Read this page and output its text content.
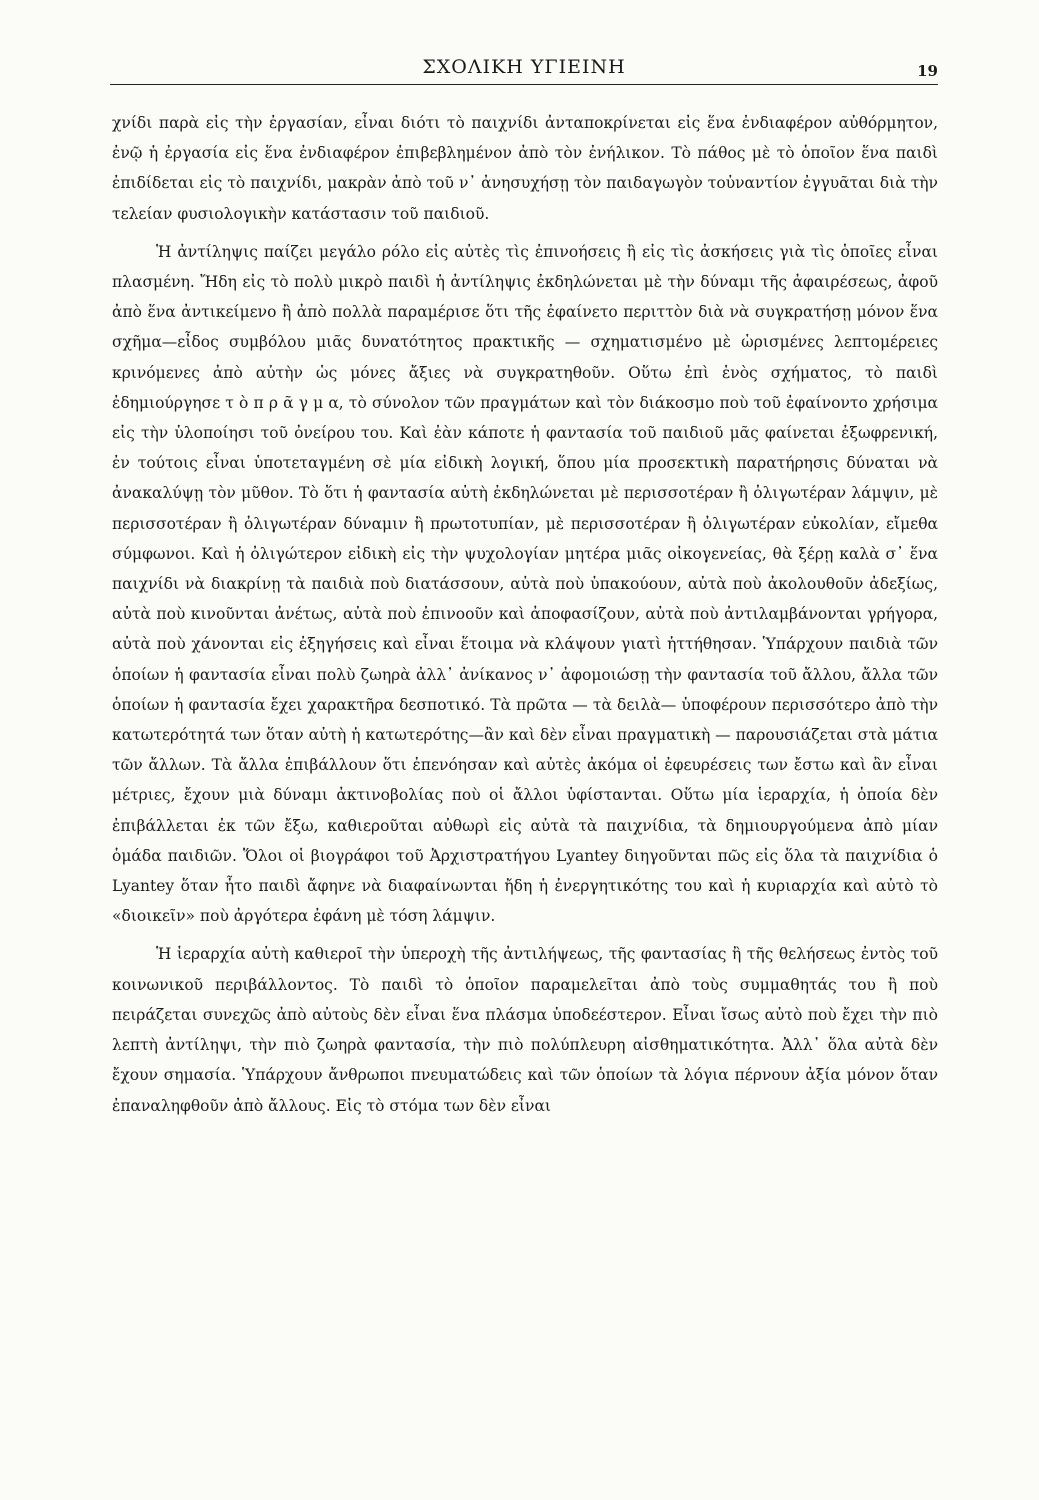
ΣΧΟΛΙΚΗ ΥΓΙΕΙΝΗ	19

χνίδι παρὰ εἰς τὴν ἐργασίαν, εἶναι διότι τὸ παιχνίδι ἀνταποκρίνεται εἰς ἕνα ἐνδιαφέρον αὐθόρμητον, ἐνῷ ἡ ἐργασία εἰς ἕνα ἐνδιαφέρον ἐπιβεβλημένον ἀπὸ τὸν ἐνήλικον. Τὸ πάθος μὲ τὸ ὁποῖον ἕνα παιδὶ ἐπιδίδεται εἰς τὸ παιχνίδι, μακρὰν ἀπὸ τοῦ ν᾿ ἀνησυχήσῃ τὸν παιδαγωγὸν τοὐναντίον ἐγγυᾶται διὰ τὴν τελείαν φυσιολογικὴν κατάστασιν τοῦ παιδιοῦ.

Ἡ ἀντίληψις παίζει μεγάλο ρόλο εἰς αὐτὲς τὶς ἐπινοήσεις ἢ εἰς τὶς ἀσκήσεις γιὰ τὶς ὁποῖες εἶναι πλασμένη. Ἤδη εἰς τὸ πολὺ μικρὸ παιδὶ ἡ ἀντίληψις ἐκδηλώνεται μὲ τὴν δύναμι τῆς ἀφαιρέσεως, ἀφοῦ ἀπὸ ἕνα ἀντικείμενο ἢ ἀπὸ πολλὰ παραμέρισε ὅτι τῆς ἐφαίνετο περιττὸν διὰ νὰ συγκρατήσῃ μόνον ἕνα σχῆμα—εἶδος συμβόλου μιᾶς δυνατότητος πρακτικῆς — σχηματισμένο μὲ ὡρισμένες λεπτομέρειες κρινόμενες ἀπὸ αὐτὴν ὡς μόνες ἄξιες νὰ συγκρατηθοῦν. Οὕτω ἐπὶ ἑνὸς σχήματος, τὸ παιδὶ ἐδημιούργησε τ ὸ π ρ ᾶ γ μ α, τὸ σύνολον τῶν πραγμάτων καὶ τὸν διάκοσμο ποὺ τοῦ ἐφαίνοντο χρήσιμα εἰς τὴν ὑλοποίησι τοῦ ὀνείρου του. Καὶ ἐὰν κάποτε ἡ φαντασία τοῦ παιδιοῦ μᾶς φαίνεται ἐξωφρενική, ἐν τούτοις εἶναι ὑποτεταγμένη σὲ μία εἰδικὴ λογική, ὅπου μία προσεκτικὴ παρατήρησις δύναται νὰ ἀνακαλύψῃ τὸν μῦθον. Τὸ ὅτι ἡ φαντασία αὐτὴ ἐκδηλώνεται μὲ περισσοτέραν ἢ ὀλιγωτέραν λάμψιν, μὲ περισσοτέραν ἢ ὀλιγωτέραν δύναμιν ἢ πρωτοτυπίαν, μὲ περισσοτέραν ἢ ὀλιγωτέραν εὐκολίαν, εἴμεθα σύμφωνοι. Καὶ ἡ ὀλιγώτερον εἰδικὴ εἰς τὴν ψυχολογίαν μητέρα μιᾶς οἰκογενείας, θὰ ξέρῃ καλὰ σ᾿ ἕνα παιχνίδι νὰ διακρίνῃ τὰ παιδιὰ ποὺ διατάσσουν, αὐτὰ ποὺ ὑπακούουν, αὐτὰ ποὺ ἀκολουθοῦν ἀδεξίως, αὐτὰ ποὺ κινοῦνται ἀνέτως, αὐτὰ ποὺ ἐπινοοῦν καὶ ἀποφασίζουν, αὐτὰ ποὺ ἀντιλαμβάνονται γρήγορα, αὐτὰ ποὺ χάνονται εἰς ἐξηγήσεις καὶ εἶναι ἕτοιμα νὰ κλάψουν γιατὶ ἡττήθησαν. Ὑπάρχουν παιδιὰ τῶν ὁποίων ἡ φαντασία εἶναι πολὺ ζωηρὰ ἀλλ᾿ ἀνίκανος ν᾿ ἀφομοιώσῃ τὴν φαντασία τοῦ ἄλλου, ἄλλα τῶν ὁποίων ἡ φαντασία ἔχει χαρακτῆρα δεσποτικό. Τὰ πρῶτα — τὰ δειλὰ— ὑποφέρουν περισσότερο ἀπὸ τὴν κατωτερότητά των ὅταν αὐτὴ ἡ κατωτερότης—ἂν καὶ δὲν εἶναι πραγματικὴ — παρουσιάζεται στὰ μάτια τῶν ἄλλων. Τὰ ἄλλα ἐπιβάλλουν ὅτι ἐπενόησαν καὶ αὐτὲς ἀκόμα οἱ ἐφευρέσεις των ἔστω καὶ ἂν εἶναι μέτριες, ἔχουν μιὰ δύναμι ἀκτινοβολίας ποὺ οἱ ἄλλοι ὑφίστανται. Οὕτω μία ἱεραρχία, ἡ ὁποία δὲν ἐπιβάλλεται ἐκ τῶν ἔξω, καθιεροῦται αὐθωρὶ εἰς αὐτὰ τὰ παιχνίδια, τὰ δημιουργούμενα ἀπὸ μίαν ὁμάδα παιδιῶν. Ὅλοι οἱ βιογράφοι τοῦ Ἀρχιστρατήγου Lyantey διηγοῦνται πῶς εἰς ὅλα τὰ παιχνίδια ὁ Lyantey ὅταν ἦτο παιδὶ ἄφηνε νὰ διαφαίνωνται ἤδη ἡ ἐνεργητικότης του καὶ ἡ κυριαρχία καὶ αὐτὸ τὸ «διοικεῖν» ποὺ ἀργότερα ἐφάνη μὲ τόση λάμψιν.

Ἡ ἱεραρχία αὐτὴ καθιεροῖ τὴν ὑπεροχὴ τῆς ἀντιλήψεως, τῆς φαντασίας ἢ τῆς θελήσεως ἐντὸς τοῦ κοινωνικοῦ περιβάλλοντος. Τὸ παιδὶ τὸ ὁποῖον παραμελεῖται ἀπὸ τοὺς συμμαθητάς του ἢ ποὺ πειράζεται συνεχῶς ἀπὸ αὐτοὺς δὲν εἶναι ἕνα πλάσμα ὑποδεέστερον. Εἶναι ἴσως αὐτὸ ποὺ ἔχει τὴν πιὸ λεπτὴ ἀντίληψι, τὴν πιὸ ζωηρὰ φαντασία, τὴν πιὸ πολύπλευρη αἰσθηματικότητα. Ἀλλ᾿ ὅλα αὐτὰ δὲν ἔχουν σημασία. Ὑπάρχουν ἄνθρωποι πνευματώδεις καὶ τῶν ὁποίων τὰ λόγια πέρνουν ἀξία μόνον ὅταν ἐπαναληφθοῦν ἀπὸ ἄλλους. Εἰς τὸ στόμα των δὲν εἶναι
